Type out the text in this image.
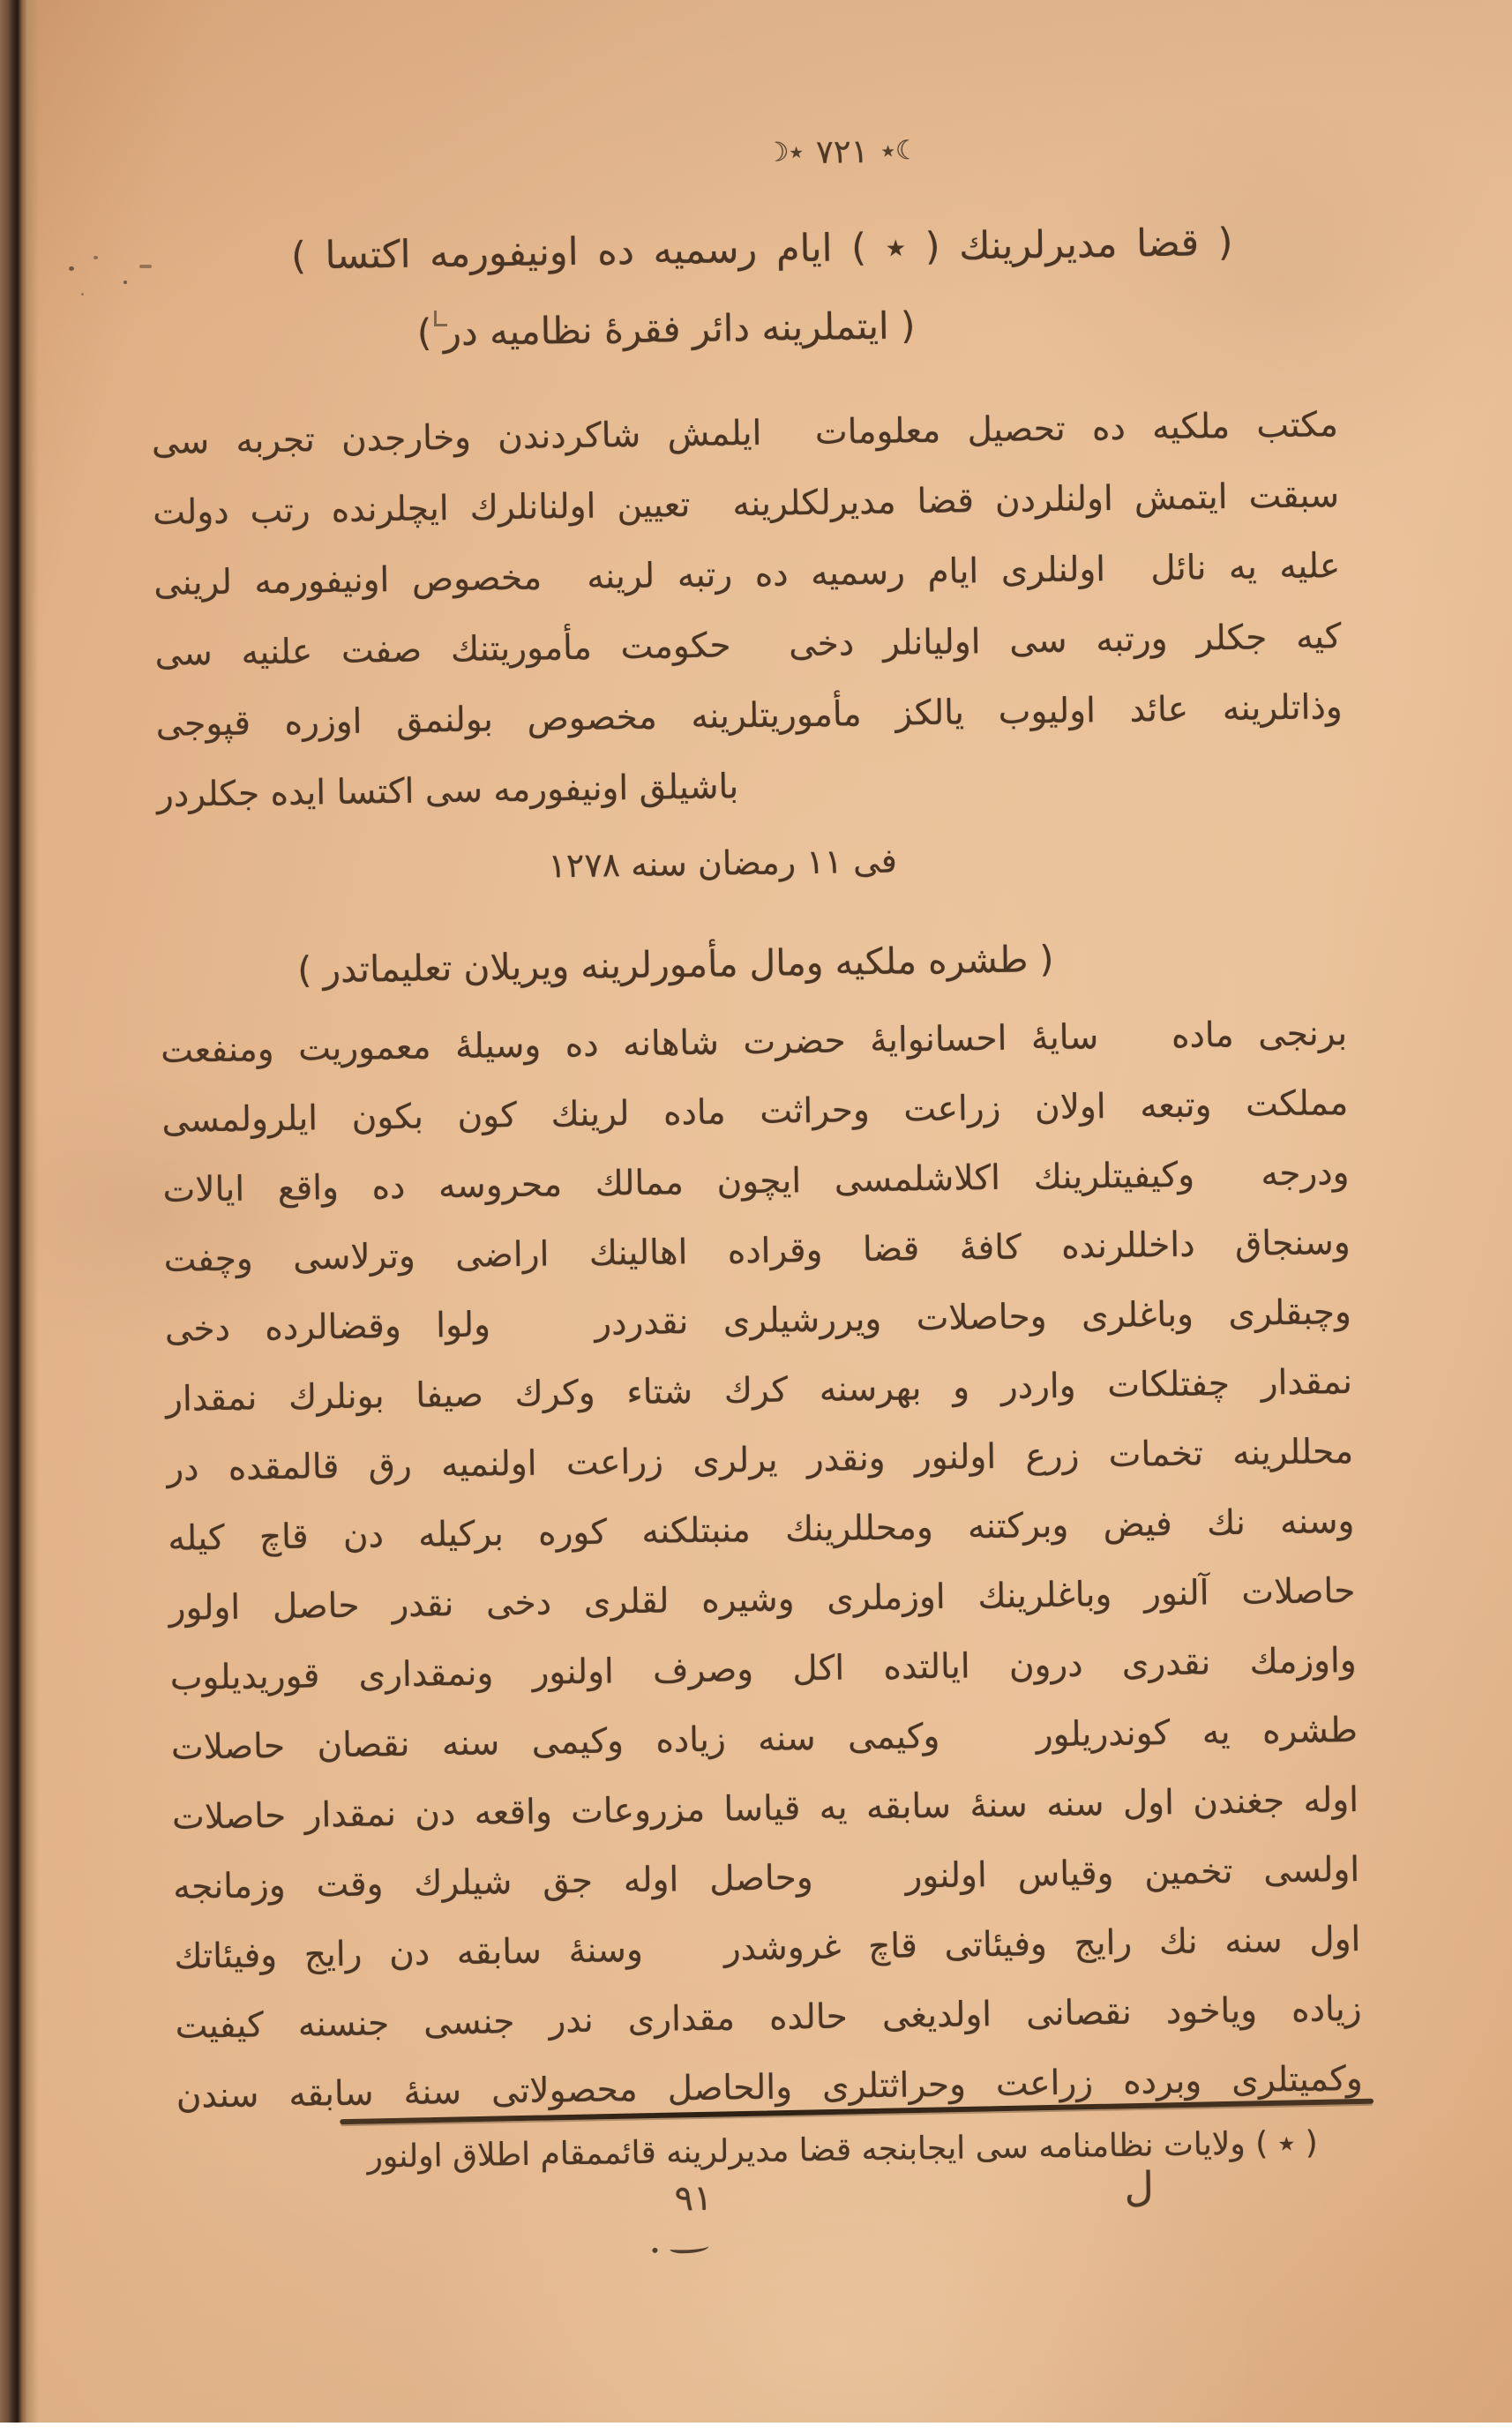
☽٭ ٧٢١ ٭☾
( قضا مديرلرينك ( ٭ ) ايام رسميه ده اونيفورمه اكتسا )
( ايتملرينه دائر فقرهٔ نظاميه در )
مكتب ملكيه ده تحصيل معلومات  ايلمش شاكردندن وخارجدن تجربه سى
سبقت ايتمش اولنلردن قضا مديرلكلرينه  تعيين اولنانلرك ايچلرنده رتب دولت
عليه يه نائل  اولنلرى ايام رسميه ده رتبه لرينه  مخصوص اونيفورمه لرينى
كيه جكلر ورتبه سى اوليانلر دخى  حكومت مأموريتنك صفت علنيه سى
وذاتلرينه عائد اوليوب يالكز مأموريتلرينه مخصوص بولنمق اوزره قپوجى
باشيلق اونيفورمه سى اكتسا ايده جكلردر
فى ١١ رمضان سنه ١٢٧٨
( طشره ملكيه ومال مأمورلرينه ويريلان تعليماتدر )
برنجى ماده   سايهٔ احسانوايهٔ حضرت شاهانه ده وسيلهٔ معموريت ومنفعت
مملكت وتبعه اولان زراعت وحراثت ماده لرينك كون بكون ايلرولمسى
ودرجه  وكيفيتلرينك اكلاشلمسى ايچون ممالك محروسه ده واقع ايالات
وسنجاق داخللرنده كافهٔ قضا وقراده اهالينك اراضى وترلاسى وچفت
وچبقلرى وباغلرى وحاصلات ويررشيلرى نقدردر   ولوا وقضالرده دخى
نمقدار چفتلكات واردر و بهرسنه كرك شتاء وكرك صيفا بونلرك نمقدار
محللرينه تخمات زرع اولنور ونقدر يرلرى زراعت اولنميه رق قالمقده در
وسنه نك فيض وبركتنه ومحللرينك منبتلكنه كوره بركيله دن قاچ كيله
حاصلات آلنور وباغلرينك اوزملرى وشيره لقلرى دخى نقدر حاصل اولور
واوزمك نقدرى درون ايالتده اكل وصرف اولنور ونمقدارى قوريديلوب
طشره يه كوندريلور   وكيمى سنه زياده وكيمى سنه نقصان حاصلات
اوله جغندن اول سنه سنهٔ سابقه يه قياسا مزروعات واقعه دن نمقدار حاصلات
اولسى تخمين وقياس اولنور   وحاصل اوله جق شيلرك وقت وزمانجه
اول سنه نك رايج وفيئاتى قاچ غروشدر   وسنهٔ سابقه دن رايج وفيئاتك
زياده وياخود نقصانى اولديغى حالده مقدارى ندر جنسى جنسنه كيفيت
وكميتلرى وبرده زراعت وحراثتلرى والحاصل محصولاتى سنهٔ سابقه سندن
( ٭ ) ولايات نظامنامه سى ايجابنجه قضا مديرلرينه قائممقام اطلاق اولنور
٩١	ل
